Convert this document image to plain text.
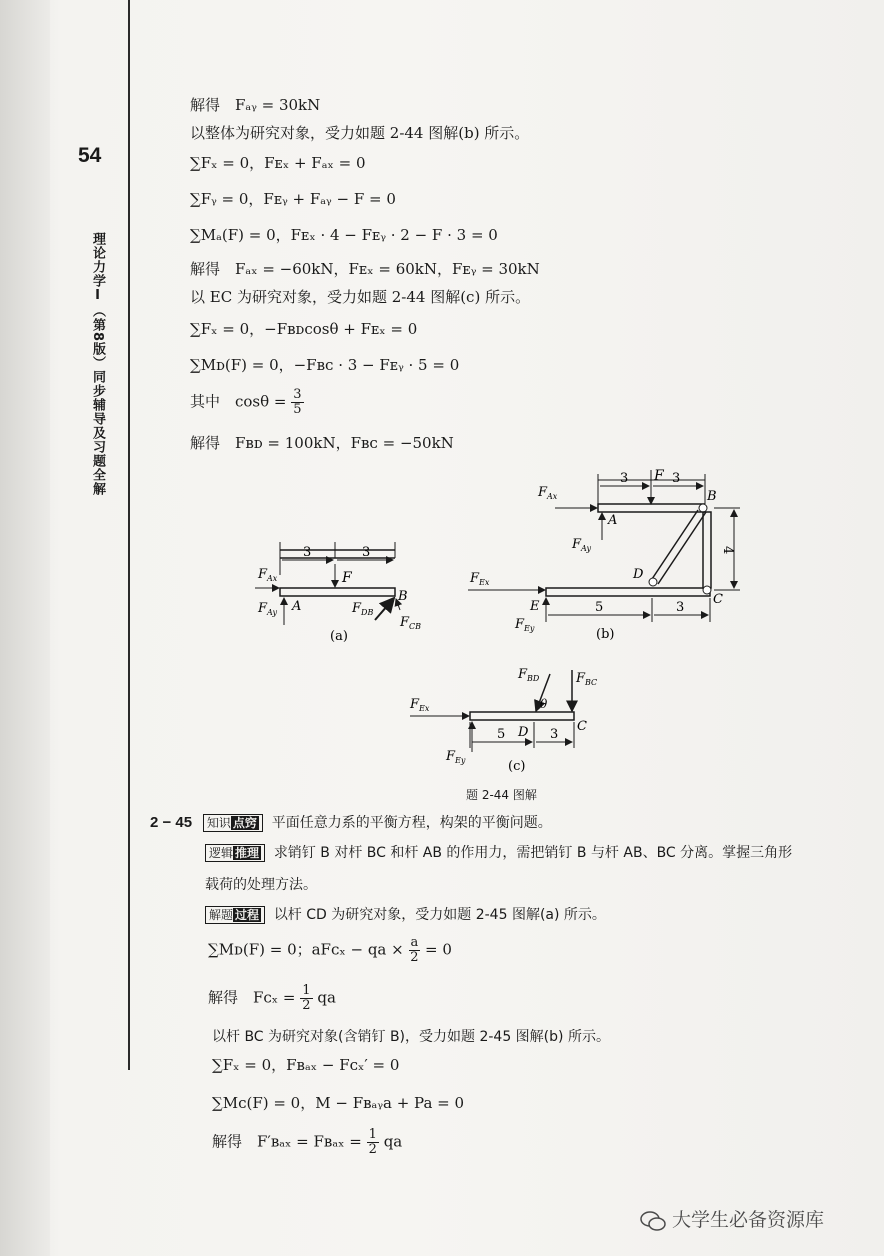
54
理论力学Ⅰ（第8版）同步辅导及习题全解
解得　Fₐᵧ = 30kN
以整体为研究对象，受力如题 2-44 图解(b) 所示。
∑Fₓ = 0，Fᴇₓ + Fₐₓ = 0
∑Fᵧ = 0，Fᴇᵧ + Fₐᵧ − F = 0
∑Mₐ(F) = 0，Fᴇₓ · 4 − Fᴇᵧ · 2 − F · 3 = 0
解得　Fₐₓ = −60kN，Fᴇₓ = 60kN，Fᴇᵧ = 30kN
以 EC 为研究对象，受力如题 2-44 图解(c) 所示。
∑Fₓ = 0，−Fʙᴅcosθ + Fᴇₓ = 0
∑Mᴅ(F) = 0，−Fʙᴄ · 3 − Fᴇᵧ · 5 = 0
其中　$\cos\theta = \frac{3}{5}$
解得　Fʙᴅ = 100kN，Fʙᴄ = −50kN
3	3
F
$F_{Ax}$
$F_{Ay}$ A
B
$F_{DB}$
$F_{CB}$
(a)
3	3
F
$F_{Ax}$
$F_{Ay}$
A
B
D
4
C
$F_{Ex}$
$F_{Ey}$
E	5	3
(b)
$F_{Ex}$
$F_{Ey}$
$F_{BD}$
θ
$F_{BC}$
D	C
5	3
(c)
题 2-44 图解
2 − 45 知识 点窍 平面任意力系的平衡方程，构架的平衡问题。
逻辑 推理 求销钉 B 对杆 BC 和杆 AB 的作用力，需把销钉 B 与杆 AB、BC 分离。掌握三角形
载荷的处理方法。
解题 过程 以杆 CD 为研究对象，受力如题 2-45 图解(a) 所示。
∑Mᴅ(F) = 0；aFᴄₓ − qa × $\frac{a}{2} = 0$
解得　Fᴄₓ = $\frac{1}{2}$ qa
以杆 BC 为研究对象(含销钉 B)，受力如题 2-45 图解(b) 所示。
∑Fₓ = 0，Fʙₐₓ − Fᴄₓ′ = 0
∑Mᴄ(F) = 0，M − Fʙₐᵧa + Pa = 0
解得　F′ʙₐₓ = Fʙₐₓ = $\frac{1}{2}$ qa
大学生必备资源库
